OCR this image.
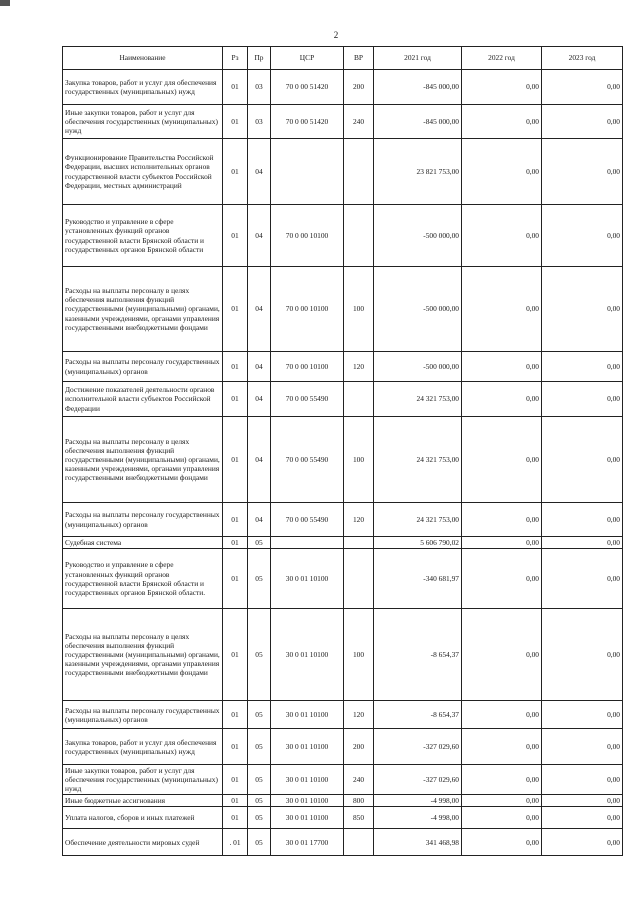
2
Наименование	Рз	Пр	ЦСР	ВР	2021 год	2022 год	2023 год
Закупка товаров, работ и услуг для обеспечения государственных (муниципальных) нужд	01	03	70 0 00 51420	200	-845 000,00	0,00	0,00
Иные закупки товаров, работ и услуг для обеспечения государственных (муниципальных) нужд	01	03	70 0 00 51420	240	-845 000,00	0,00	0,00
Функционирование Правительства Российской Федерации, высших исполнительных органов государственной власти субъектов Российской Федерации, местных администраций	01	04			23 821 753,00	0,00	0,00
Руководство и управление в сфере установленных функций органов государственной власти Брянской области и государственных органов Брянской области	01	04	70 0 00 10100		-500 000,00	0,00	0,00
Расходы на выплаты персоналу в целях обеспечения выполнения функций государственными (муниципальными) органами, казенными учреждениями, органами управления государственными внебюджетными фондами	01	04	70 0 00 10100	100	-500 000,00	0,00	0,00
Расходы на выплаты персоналу государственных (муниципальных) органов	01	04	70 0 00 10100	120	-500 000,00	0,00	0,00
Достижение показателей деятельности органов исполнительной власти субъектов Российской Федерации	01	04	70 0 00 55490		24 321 753,00	0,00	0,00
Расходы на выплаты персоналу в целях обеспечения выполнения функций государственными (муниципальными) органами, казенными учреждениями, органами управления государственными внебюджетными фондами	01	04	70 0 00 55490	100	24 321 753,00	0,00	0,00
Расходы на выплаты персоналу государственных (муниципальных) органов	01	04	70 0 00 55490	120	24 321 753,00	0,00	0,00
Судебная система	01	05			5 606 790,02	0,00	0,00
Руководство и управление в сфере установленных функций органов государственной власти Брянской области и государственных органов Брянской области.	01	05	30 0 01 10100		-340 681,97	0,00	0,00
Расходы на выплаты персоналу в целях обеспечения выполнения функций государственными (муниципальными) органами, казенными учреждениями, органами управления государственными внебюджетными фондами	01	05	30 0 01 10100	100	-8 654,37	0,00	0,00
Расходы на выплаты персоналу государственных (муниципальных) органов	01	05	30 0 01 10100	120	-8 654,37	0,00	0,00
Закупка товаров, работ и услуг для обеспечения государственных (муниципальных) нужд	01	05	30 0 01 10100	200	-327 029,60	0,00	0,00
Иные закупки товаров, работ и услуг для обеспечения государственных (муниципальных) нужд	01	05	30 0 01 10100	240	-327 029,60	0,00	0,00
Иные бюджетные ассигнования	01	05	30 0 01 10100	800	-4 998,00	0,00	0,00
Уплата налогов, сборов и иных платежей	01	05	30 0 01 10100	850	-4 998,00	0,00	0,00
Обеспечение деятельности мировых судей	. 01	05	30 0 01 17700		341 468,98	0,00	0,00
